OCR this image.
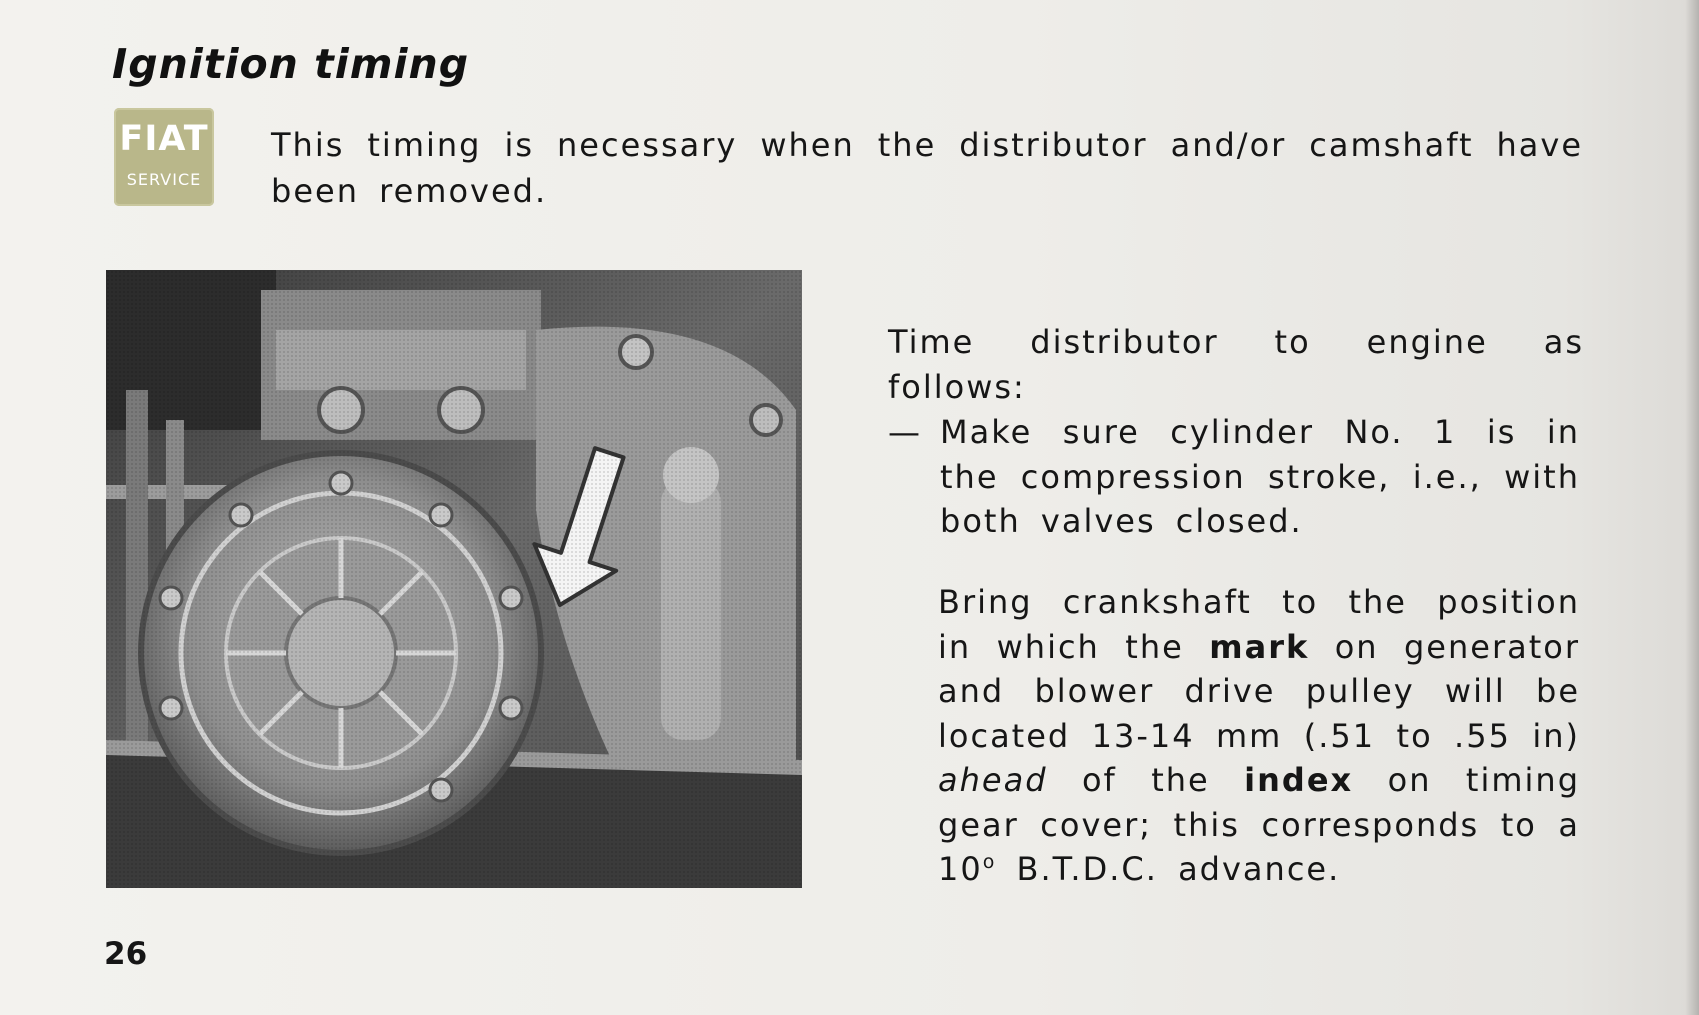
Ignition timing
FIAT
SERVICE

This timing is necessary when the distributor and/or camshaft have been removed.

26

Time distributor to engine as follows:

— Make sure cylinder No. 1 is in the compression stroke, i.e., with both valves closed.

Bring crankshaft to the position in which the mark on generator and blower drive pulley will be located 13-14 mm (.51 to .55 in) ahead of the index on timing gear cover; this corresponds to a 10$^o$ B.T.D.C. advance.
